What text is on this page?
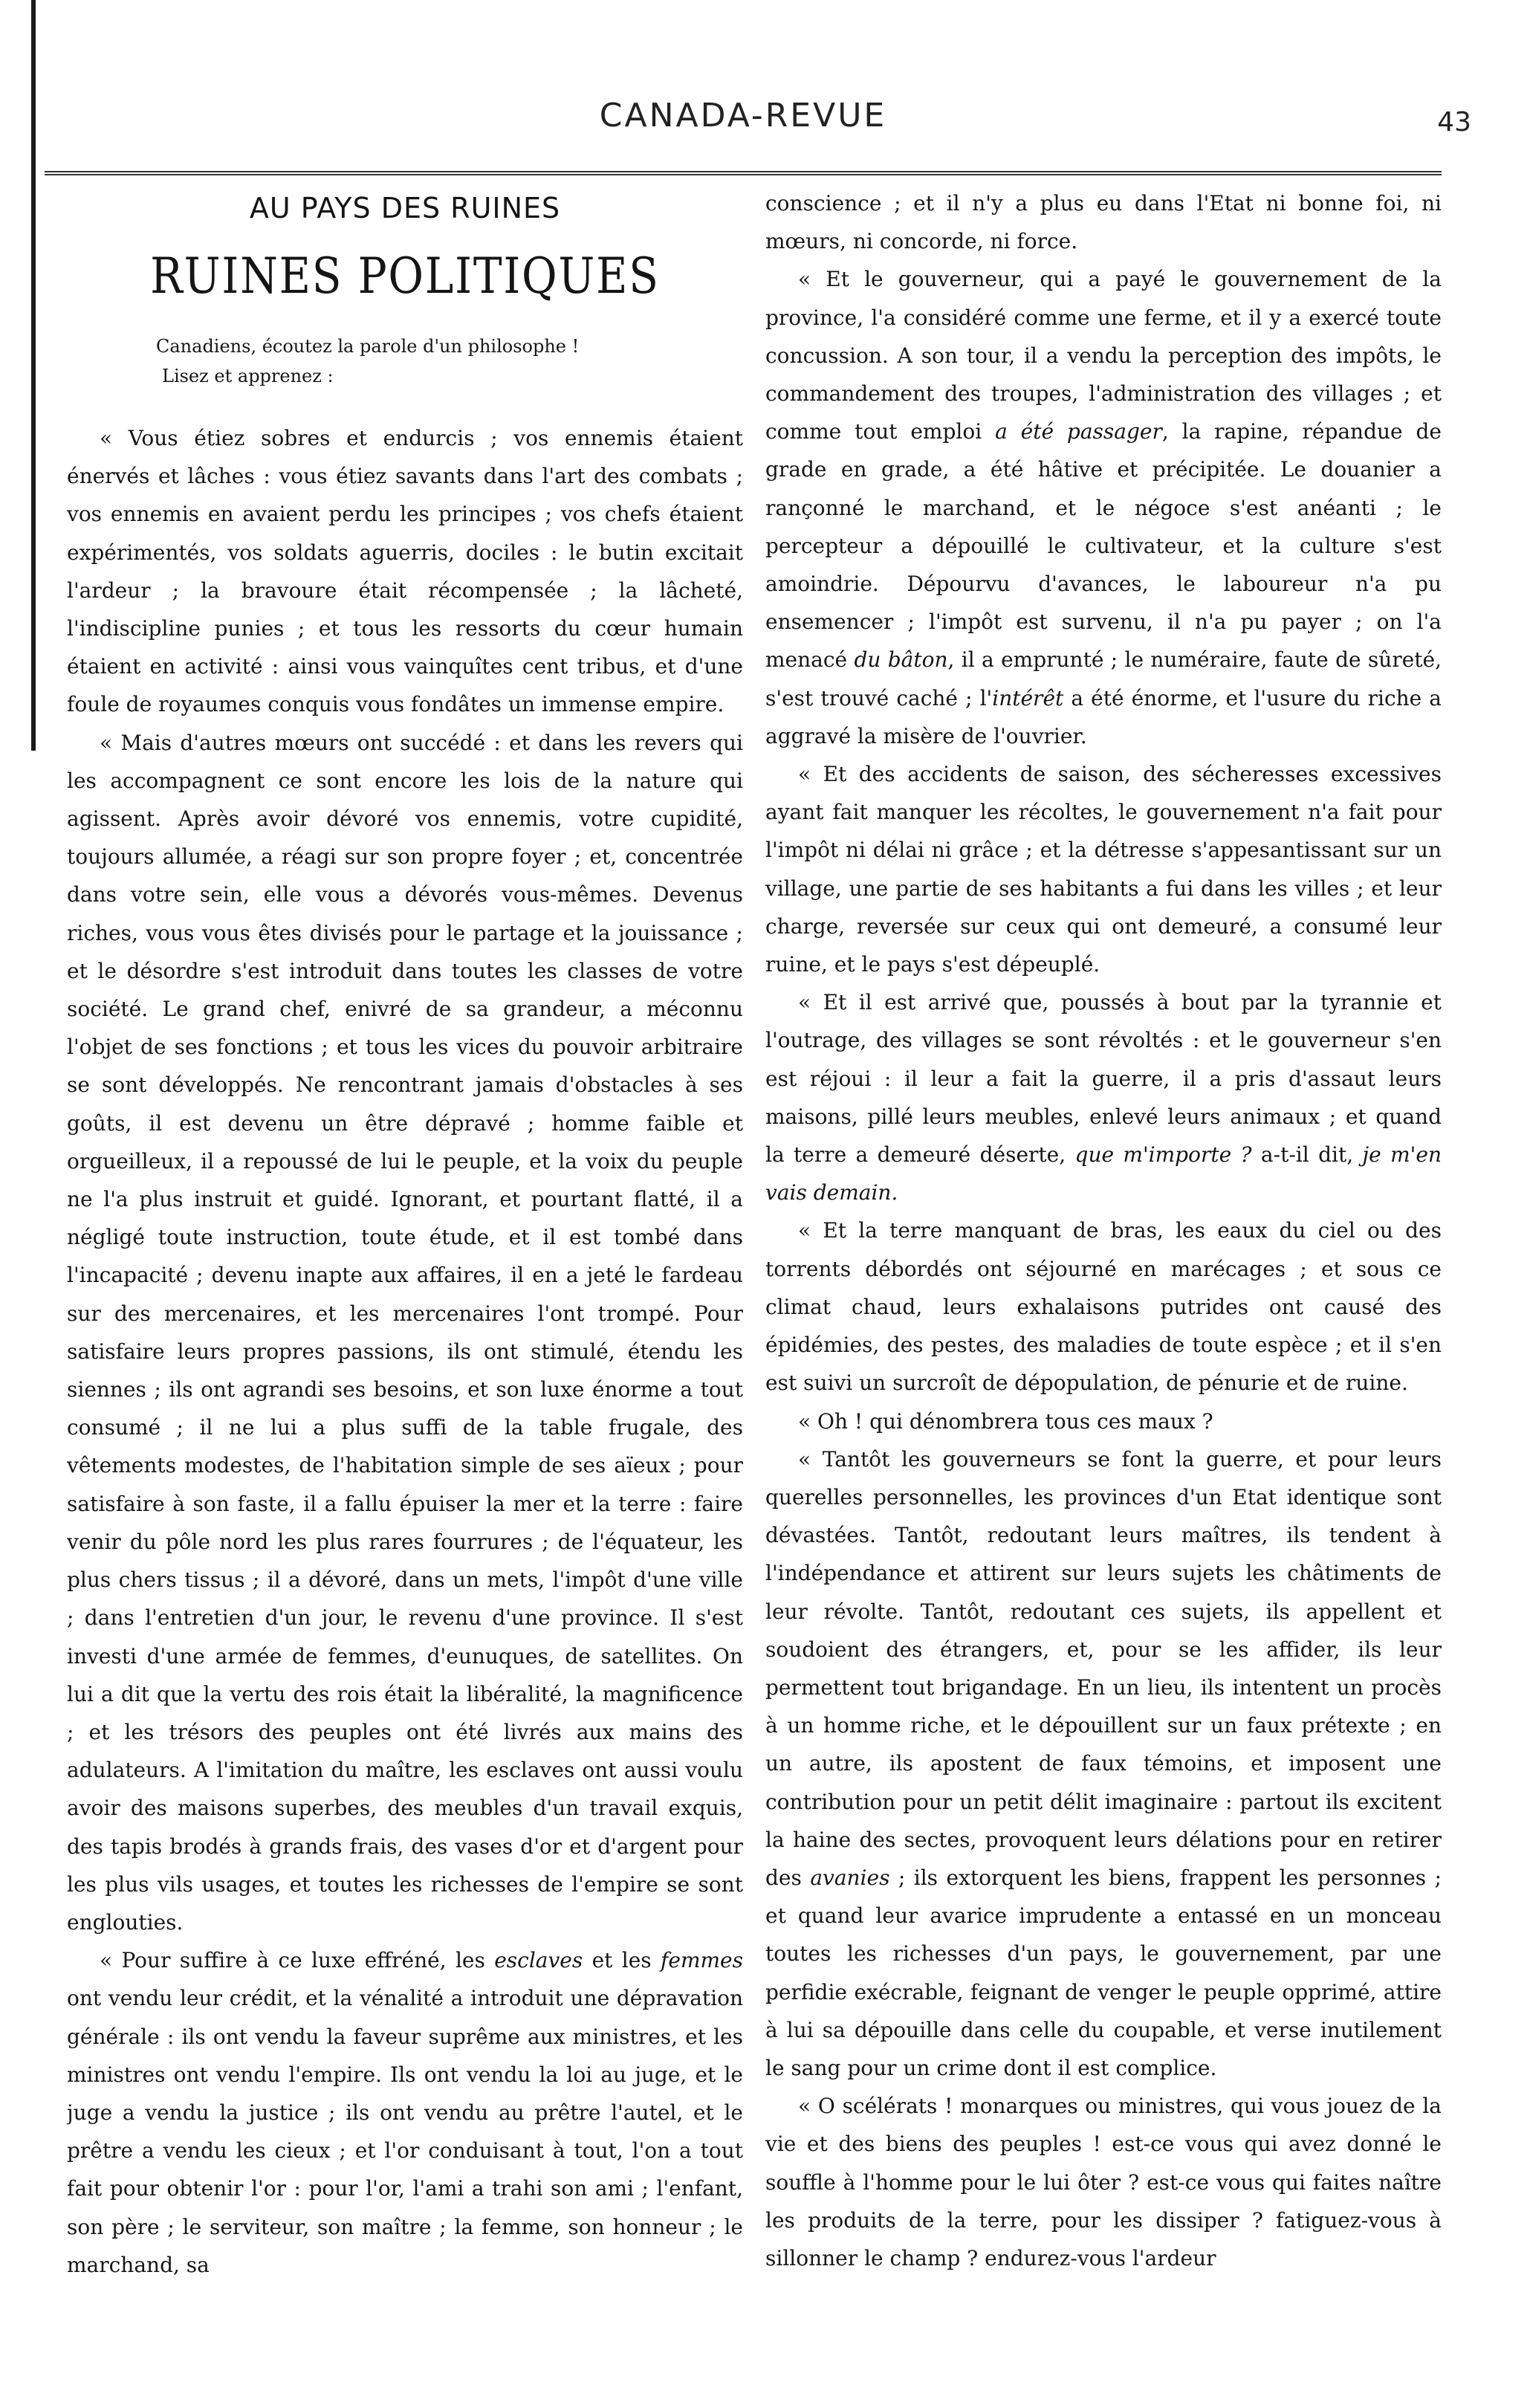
CANADA-REVUE	43
AU PAYS DES RUINES
RUINES POLITIQUES
Canadiens, écoutez la parole d'un philosophe !
Lisez et apprenez :

« Vous étiez sobres et endurcis ; vos ennemis étaient énervés et lâches : vous étiez savants dans l'art des combats ; vos ennemis en avaient perdu les principes ; vos chefs étaient expérimentés, vos soldats aguerris, dociles : le butin excitait l'ardeur ; la bravoure était récompensée ; la lâcheté, l'indiscipline punies ; et tous les ressorts du cœur humain étaient en activité : ainsi vous vainquîtes cent tribus, et d'une foule de royaumes conquis vous fondâtes un immense empire.

« Mais d'autres mœurs ont succédé : et dans les revers qui les accompagnent ce sont encore les lois de la nature qui agissent. Après avoir dévoré vos ennemis, votre cupidité, toujours allumée, a réagi sur son propre foyer ; et, concentrée dans votre sein, elle vous a dévorés vous-mêmes. Devenus riches, vous vous êtes divisés pour le partage et la jouissance ; et le désordre s'est introduit dans toutes les classes de votre société. Le grand chef, enivré de sa grandeur, a méconnu l'objet de ses fonctions ; et tous les vices du pouvoir arbitraire se sont développés. Ne rencontrant jamais d'obstacles à ses goûts, il est devenu un être dépravé ; homme faible et orgueilleux, il a repoussé de lui le peuple, et la voix du peuple ne l'a plus instruit et guidé. Ignorant, et pourtant flatté, il a négligé toute instruction, toute étude, et il est tombé dans l'incapacité ; devenu inapte aux affaires, il en a jeté le fardeau sur des mercenaires, et les mercenaires l'ont trompé. Pour satisfaire leurs propres passions, ils ont stimulé, étendu les siennes ; ils ont agrandi ses besoins, et son luxe énorme a tout consumé ; il ne lui a plus suffi de la table frugale, des vêtements modestes, de l'habitation simple de ses aïeux ; pour satisfaire à son faste, il a fallu épuiser la mer et la terre : faire venir du pôle nord les plus rares fourrures ; de l'équateur, les plus chers tissus ; il a dévoré, dans un mets, l'impôt d'une ville ; dans l'entretien d'un jour, le revenu d'une province. Il s'est investi d'une armée de femmes, d'eunuques, de satellites. On lui a dit que la vertu des rois était la libéralité, la magnificence ; et les trésors des peuples ont été livrés aux mains des adulateurs. A l'imitation du maître, les esclaves ont aussi voulu avoir des maisons superbes, des meubles d'un travail exquis, des tapis brodés à grands frais, des vases d'or et d'argent pour les plus vils usages, et toutes les richesses de l'empire se sont englouties.

« Pour suffire à ce luxe effréné, les esclaves et les femmes ont vendu leur crédit, et la vénalité a introduit une dépravation générale : ils ont vendu la faveur suprême aux ministres, et les ministres ont vendu l'empire. Ils ont vendu la loi au juge, et le juge a vendu la justice ; ils ont vendu au prêtre l'autel, et le prêtre a vendu les cieux ; et l'or conduisant à tout, l'on a tout fait pour obtenir l'or : pour l'or, l'ami a trahi son ami ; l'enfant, son père ; le serviteur, son maître ; la femme, son honneur ; le marchand, sa

conscience ; et il n'y a plus eu dans l'Etat ni bonne foi, ni mœurs, ni concorde, ni force.

« Et le gouverneur, qui a payé le gouvernement de la province, l'a considéré comme une ferme, et il y a exercé toute concussion. A son tour, il a vendu la perception des impôts, le commandement des troupes, l'administration des villages ; et comme tout emploi a été passager, la rapine, répandue de grade en grade, a été hâtive et précipitée. Le douanier a rançonné le marchand, et le négoce s'est anéanti ; le percepteur a dépouillé le cultivateur, et la culture s'est amoindrie. Dépourvu d'avances, le laboureur n'a pu ensemencer ; l'impôt est survenu, il n'a pu payer ; on l'a menacé du bâton, il a emprunté ; le numéraire, faute de sûreté, s'est trouvé caché ; l'intérêt a été énorme, et l'usure du riche a aggravé la misère de l'ouvrier.

« Et des accidents de saison, des sécheresses excessives ayant fait manquer les récoltes, le gouvernement n'a fait pour l'impôt ni délai ni grâce ; et la détresse s'appesantissant sur un village, une partie de ses habitants a fui dans les villes ; et leur charge, reversée sur ceux qui ont demeuré, a consumé leur ruine, et le pays s'est dépeuplé.

« Et il est arrivé que, poussés à bout par la tyrannie et l'outrage, des villages se sont révoltés : et le gouverneur s'en est réjoui : il leur a fait la guerre, il a pris d'assaut leurs maisons, pillé leurs meubles, enlevé leurs animaux ; et quand la terre a demeuré déserte, que m'importe ? a-t-il dit, je m'en vais demain.

« Et la terre manquant de bras, les eaux du ciel ou des torrents débordés ont séjourné en marécages ; et sous ce climat chaud, leurs exhalaisons putrides ont causé des épidémies, des pestes, des maladies de toute espèce ; et il s'en est suivi un surcroît de dépopulation, de pénurie et de ruine.

« Oh ! qui dénombrera tous ces maux ?

« Tantôt les gouverneurs se font la guerre, et pour leurs querelles personnelles, les provinces d'un Etat identique sont dévastées. Tantôt, redoutant leurs maîtres, ils tendent à l'indépendance et attirent sur leurs sujets les châtiments de leur révolte. Tantôt, redoutant ces sujets, ils appellent et soudoient des étrangers, et, pour se les affider, ils leur permettent tout brigandage. En un lieu, ils intentent un procès à un homme riche, et le dépouillent sur un faux prétexte ; en un autre, ils apostent de faux témoins, et imposent une contribution pour un petit délit imaginaire : partout ils excitent la haine des sectes, provoquent leurs délations pour en retirer des avanies ; ils extorquent les biens, frappent les personnes ; et quand leur avarice imprudente a entassé en un monceau toutes les richesses d'un pays, le gouvernement, par une perfidie exécrable, feignant de venger le peuple opprimé, attire à lui sa dépouille dans celle du coupable, et verse inutilement le sang pour un crime dont il est complice.

« O scélérats ! monarques ou ministres, qui vous jouez de la vie et des biens des peuples ! est-ce vous qui avez donné le souffle à l'homme pour le lui ôter ? est-ce vous qui faites naître les produits de la terre, pour les dissiper ? fatiguez-vous à sillonner le champ ? endurez-vous l'ardeur
